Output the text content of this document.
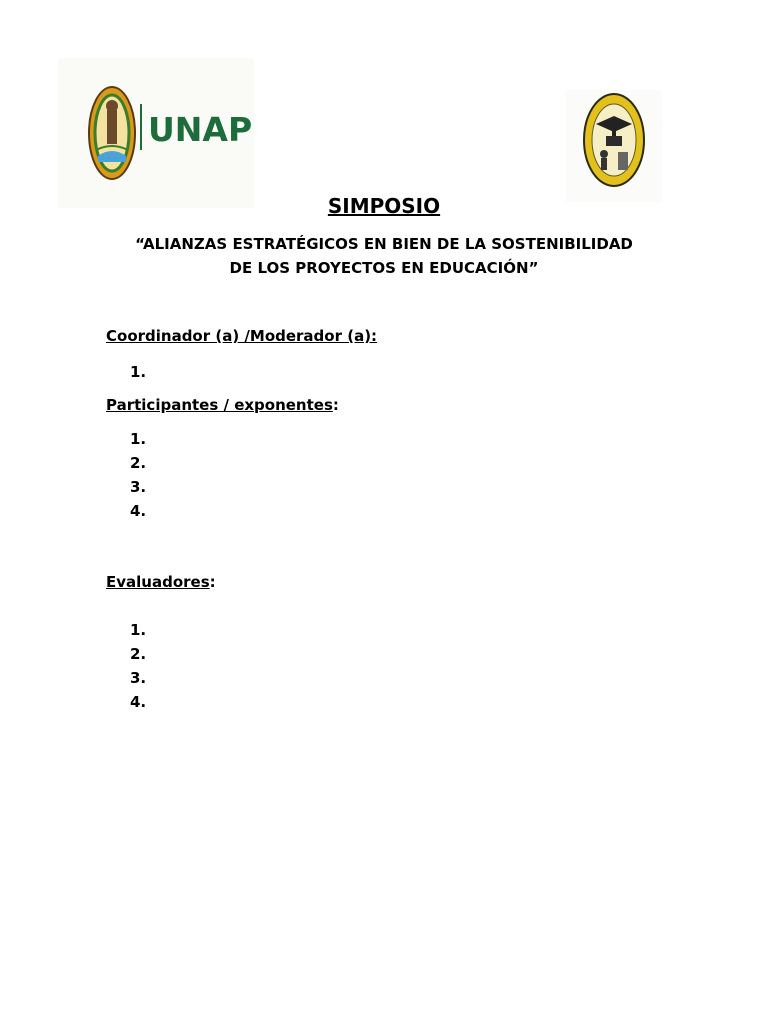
UNAP
SIMPOSIO
“ALIANZAS ESTRATÉGICOS EN BIEN DE LA SOSTENIBILIDAD DE LOS PROYECTOS EN EDUCACIÓN”
Coordinador (a) /Moderador (a):
1.
Participantes / exponentes:
1.
2.
3.
4.
Evaluadores:
1.
2.
3.
4.
